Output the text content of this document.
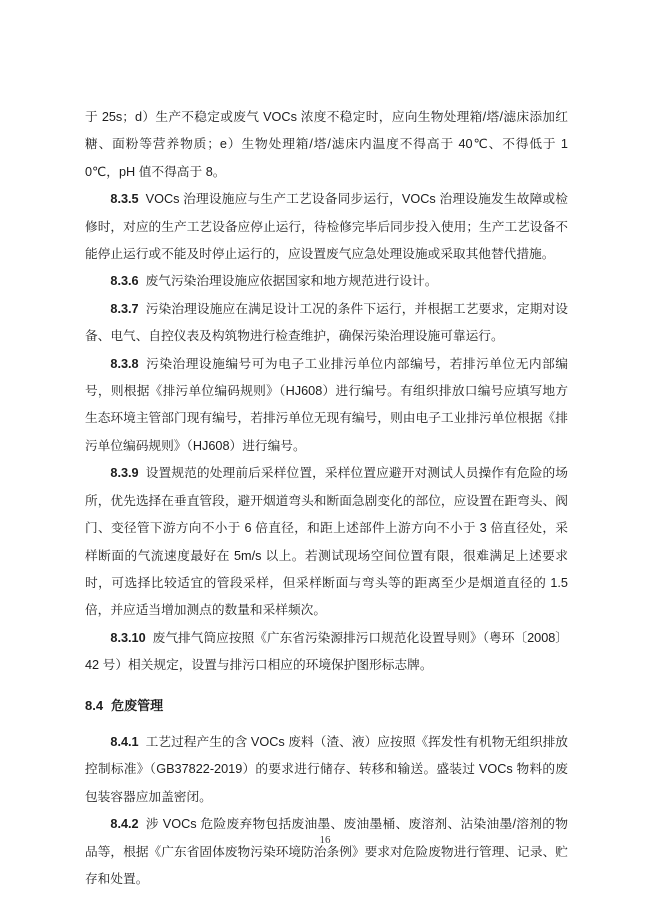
于 25s；d）生产不稳定或废气 VOCs 浓度不稳定时，应向生物处理箱/塔/滤床添加红糖、面粉等营养物质；e）生物处理箱/塔/滤床内温度不得高于 40℃、不得低于 10℃，pH 值不得高于 8。

8.3.5 VOCs 治理设施应与生产工艺设备同步运行，VOCs 治理设施发生故障或检修时，对应的生产工艺设备应停止运行，待检修完毕后同步投入使用；生产工艺设备不能停止运行或不能及时停止运行的，应设置废气应急处理设施或采取其他替代措施。

8.3.6 废气污染治理设施应依据国家和地方规范进行设计。

8.3.7 污染治理设施应在满足设计工况的条件下运行，并根据工艺要求，定期对设备、电气、自控仪表及构筑物进行检查维护，确保污染治理设施可靠运行。

8.3.8 污染治理设施编号可为电子工业排污单位内部编号，若排污单位无内部编号，则根据《排污单位编码规则》（HJ608）进行编号。有组织排放口编号应填写地方生态环境主管部门现有编号，若排污单位无现有编号，则由电子工业排污单位根据《排污单位编码规则》（HJ608）进行编号。

8.3.9 设置规范的处理前后采样位置，采样位置应避开对测试人员操作有危险的场所，优先选择在垂直管段，避开烟道弯头和断面急剧变化的部位，应设置在距弯头、阀门、变径管下游方向不小于 6 倍直径，和距上述部件上游方向不小于 3 倍直径处，采样断面的气流速度最好在 5m/s 以上。若测试现场空间位置有限，很难满足上述要求时，可选择比较适宜的管段采样，但采样断面与弯头等的距离至少是烟道直径的 1.5 倍，并应适当增加测点的数量和采样频次。

8.3.10 废气排气筒应按照《广东省污染源排污口规范化设置导则》（粤环〔2008〕42 号）相关规定，设置与排污口相应的环境保护图形标志牌。

8.4 危废管理

8.4.1 工艺过程产生的含 VOCs 废料（渣、液）应按照《挥发性有机物无组织排放控制标准》（GB37822-2019）的要求进行储存、转移和输送。盛装过 VOCs 物料的废包装容器应加盖密闭。

8.4.2 涉 VOCs 危险废弃物包括废油墨、废油墨桶、废溶剂、沾染油墨/溶剂的物品等，根据《广东省固体废物污染环境防治条例》要求对危险废物进行管理、记录、贮存和处置。

16
